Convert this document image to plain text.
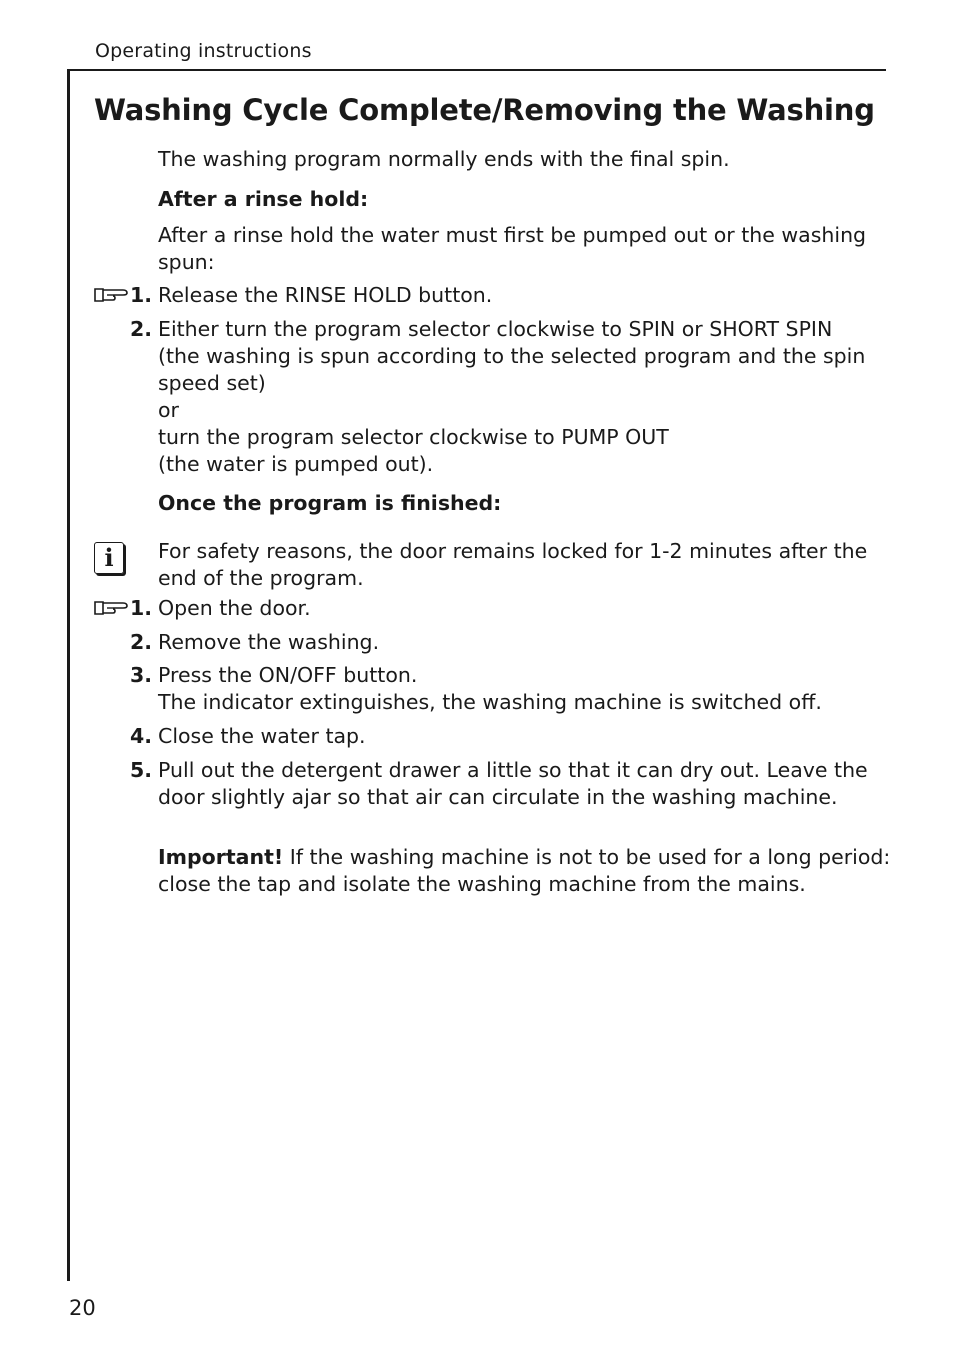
Operating instructions
Washing Cycle Complete/Removing the Washing
The washing program normally ends with the final spin.
After a rinse hold:
After a rinse hold the water must first be pumped out or the washing
spun:
1. Release the RINSE HOLD button.
2. Either turn the program selector clockwise to SPIN or SHORT SPIN
(the washing is spun according to the selected program and the spin
speed set)
or
turn the program selector clockwise to PUMP OUT
(the water is pumped out).
Once the program is finished:
i	For safety reasons, the door remains locked for 1-2 minutes after the
end of the program.
1. Open the door.
2. Remove the washing.
3. Press the ON/OFF button.
The indicator extinguishes, the washing machine is switched off.
4. Close the water tap.
5. Pull out the detergent drawer a little so that it can dry out. Leave the
door slightly ajar so that air can circulate in the washing machine.
Important! If the washing machine is not to be used for a long period:
close the tap and isolate the washing machine from the mains.
20
